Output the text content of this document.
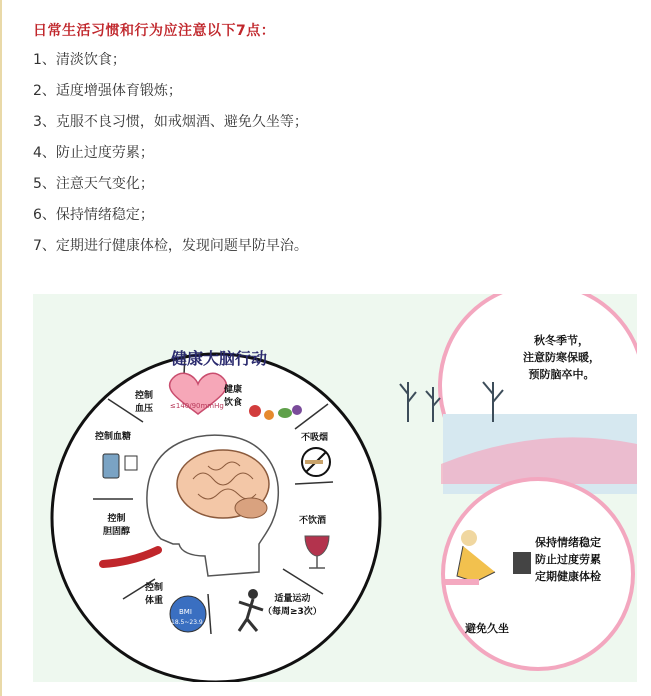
日常生活习惯和行为应注意以下7点：
1、清淡饮食；
2、适度增强体育锻炼；
3、克服不良习惯，如戒烟酒、避免久坐等；
4、防止过度劳累；
5、注意天气变化；
6、保持情绪稳定；
7、定期进行健康体检，发现问题早防早治。
健康大脑行动
控制
血压
健康
饮食
控制血糖	不吸烟
控制
胆固醇
不饮酒
控制
体重	适量运动
（每周≥3次）
≤140/90mmHg
BMI
18.5~23.9
秋冬季节，
注意防寒保暖，
预防脑卒中。
保持情绪稳定
防止过度劳累
定期健康体检
避免久坐
